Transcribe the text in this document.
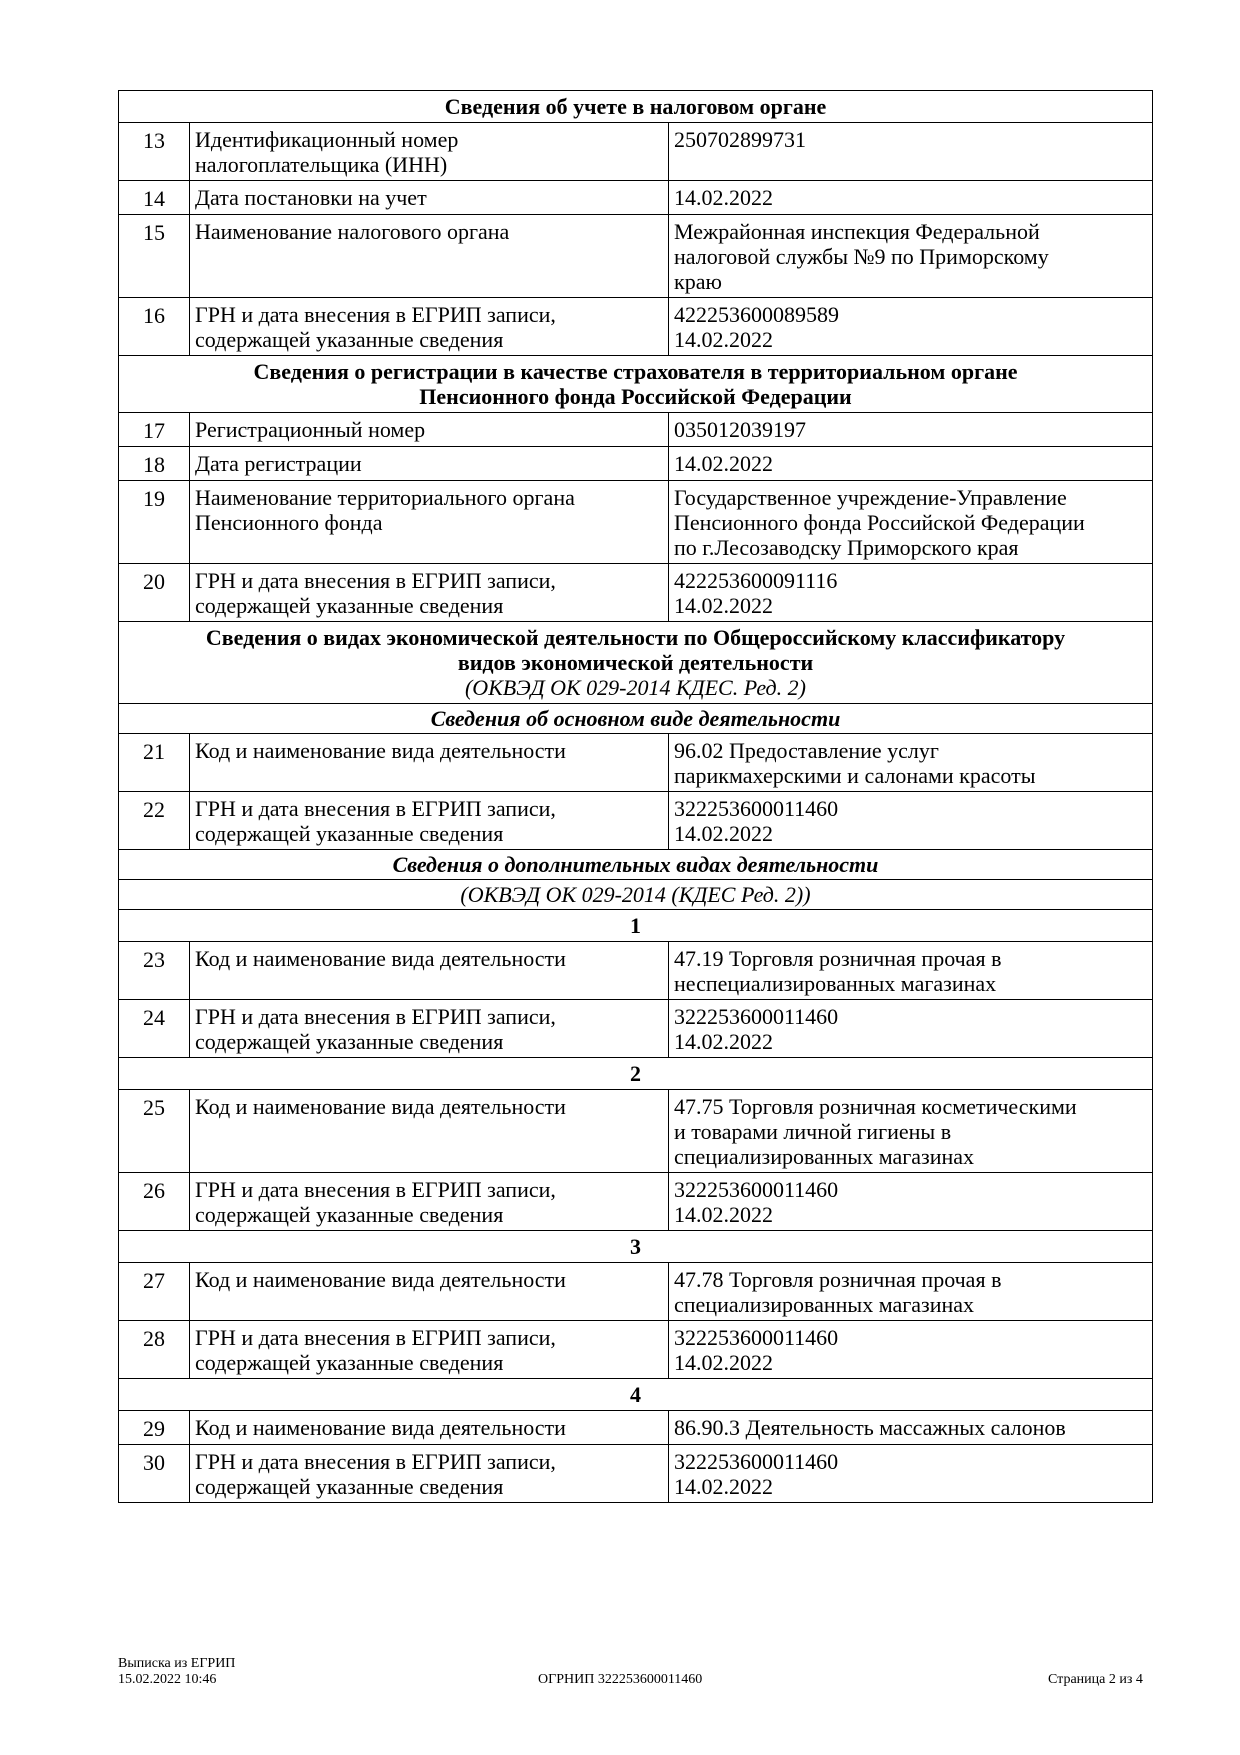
Сведения об учете в налоговом органе		
13	Идентификационный номер
налогоплательщика (ИНН)	250702899731

14	Дата постановки на учет	14.02.2022

15	Наименование налогового органа	Межрайонная инспекция Федеральной
налоговой службы №9 по Приморскому
краю

16	ГРН и дата внесения в ЕГРИП записи,
содержащей указанные сведения	422253600089589
14.02.2022

Сведения о регистрации в качестве страхователя в территориальном органе
Пенсионного фонда Российской Федерации		

17	Регистрационный номер	035012039197

18	Дата регистрации	14.02.2022

19	Наименование территориального органа
Пенсионного фонда	Государственное учреждение-Управление
Пенсионного фонда Российской Федерации
по г.Лесозаводску Приморского края

20	ГРН и дата внесения в ЕГРИП записи,
содержащей указанные сведения	422253600091116
14.02.2022

Сведения о видах экономической деятельности по Общероссийскому классификатору
видов экономической деятельности
(ОКВЭД ОК 029-2014 КДЕС. Ред. 2)		

Сведения об основном виде деятельности		
21	Код и наименование вида деятельности	96.02 Предоставление услуг
парикмахерскими и салонами красоты

22	ГРН и дата внесения в ЕГРИП записи,
содержащей указанные сведения	322253600011460
14.02.2022

Сведения о дополнительных видах деятельности		
(ОКВЭД ОК 029-2014 (КДЕС Ред. 2))		
1		
23	Код и наименование вида деятельности	47.19 Торговля розничная прочая в
неспециализированных магазинах

24	ГРН и дата внесения в ЕГРИП записи,
содержащей указанные сведения	322253600011460
14.02.2022

2		
25	Код и наименование вида деятельности	47.75 Торговля розничная косметическими
и товарами личной гигиены в
специализированных магазинах

26	ГРН и дата внесения в ЕГРИП записи,
содержащей указанные сведения	322253600011460
14.02.2022

3		
27	Код и наименование вида деятельности	47.78 Торговля розничная прочая в
специализированных магазинах

28	ГРН и дата внесения в ЕГРИП записи,
содержащей указанные сведения	322253600011460
14.02.2022

4		
29	Код и наименование вида деятельности	86.90.3 Деятельность массажных салонов

30	ГРН и дата внесения в ЕГРИП записи,
содержащей указанные сведения	322253600011460
14.02.2022
Выписка из ЕГРИП
15.02.2022 10:46	ОГРНИП 322253600011460	Страница 2 из 4
